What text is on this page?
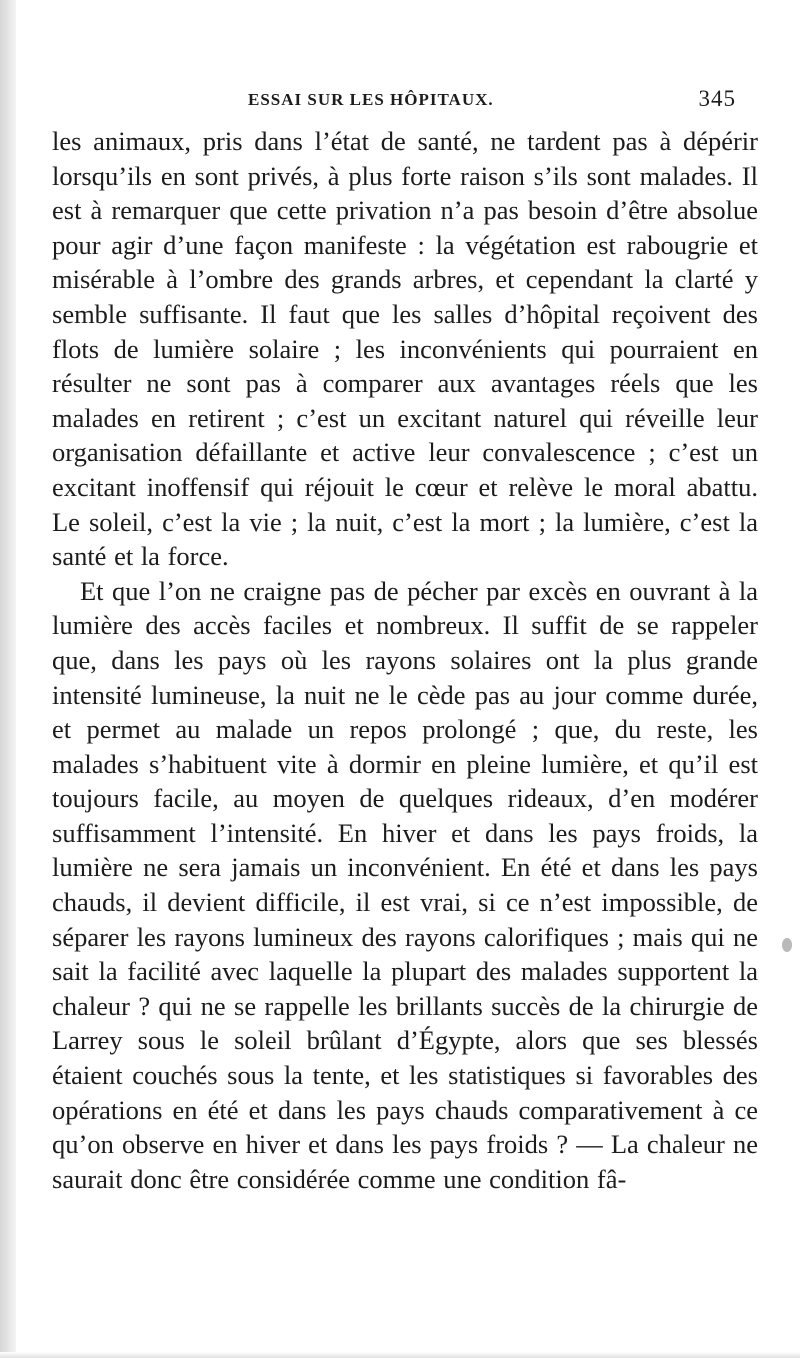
ESSAI SUR LES HÔPITAUX.	345

les animaux, pris dans l’état de santé, ne tardent pas à dépérir lorsqu’ils en sont privés, à plus forte raison s’ils sont malades. Il est à remarquer que cette privation n’a pas besoin d’être absolue pour agir d’une façon manifeste : la végétation est rabougrie et misérable à l’ombre des grands arbres, et cependant la clarté y semble suffisante. Il faut que les salles d’hôpital reçoivent des flots de lumière solaire ; les inconvénients qui pourraient en résulter ne sont pas à comparer aux avantages réels que les malades en retirent ; c’est un excitant naturel qui réveille leur organisation défaillante et active leur convalescence ; c’est un excitant inoffensif qui réjouit le cœur et relève le moral abattu. Le soleil, c’est la vie ; la nuit, c’est la mort ; la lumière, c’est la santé et la force.

Et que l’on ne craigne pas de pécher par excès en ouvrant à la lumière des accès faciles et nombreux. Il suffit de se rappeler que, dans les pays où les rayons solaires ont la plus grande intensité lumineuse, la nuit ne le cède pas au jour comme durée, et permet au malade un repos prolongé ; que, du reste, les malades s’habituent vite à dormir en pleine lumière, et qu’il est toujours facile, au moyen de quelques rideaux, d’en modérer suffisamment l’intensité. En hiver et dans les pays froids, la lumière ne sera jamais un inconvénient. En été et dans les pays chauds, il devient difficile, il est vrai, si ce n’est impossible, de séparer les rayons lumineux des rayons calorifiques ; mais qui ne sait la facilité avec laquelle la plupart des malades supportent la chaleur ? qui ne se rappelle les brillants succès de la chirurgie de Larrey sous le soleil brûlant d’Égypte, alors que ses blessés étaient couchés sous la tente, et les statistiques si favorables des opérations en été et dans les pays chauds comparativement à ce qu’on observe en hiver et dans les pays froids ? — La chaleur ne saurait donc être considérée comme une condition fâ-
